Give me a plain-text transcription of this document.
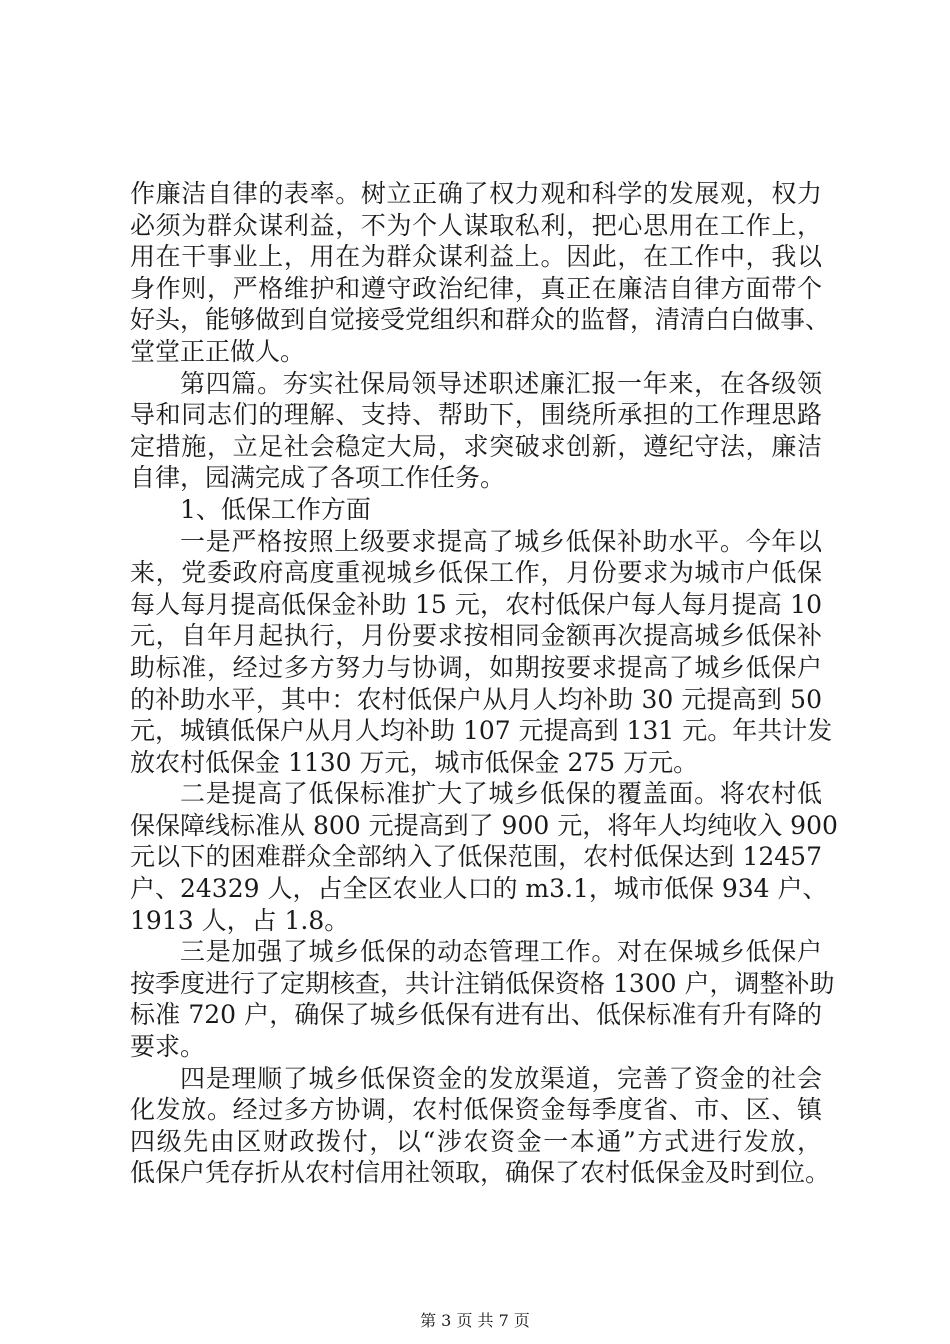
作廉洁自律的表率。树立正确了权力观和科学的发展观，权力
必须为群众谋利益，不为个人谋取私利，把心思用在工作上，
用在干事业上，用在为群众谋利益上。因此，在工作中，我以
身作则，严格维护和遵守政治纪律，真正在廉洁自律方面带个
好头，能够做到自觉接受党组织和群众的监督，清清白白做事、
堂堂正正做人。
第四篇。夯实社保局领导述职述廉汇报一年来，在各级领
导和同志们的理解、支持、帮助下，围绕所承担的工作理思路
定措施，立足社会稳定大局，求突破求创新，遵纪守法，廉洁
自律，园满完成了各项工作任务。
1、低保工作方面
一是严格按照上级要求提高了城乡低保补助水平。今年以
来，党委政府高度重视城乡低保工作，月份要求为城市户低保
每人每月提高低保金补助 15 元，农村低保户每人每月提高 10
元，自年月起执行，月份要求按相同金额再次提高城乡低保补
助标准，经过多方努力与协调，如期按要求提高了城乡低保户
的补助水平，其中：农村低保户从月人均补助 30 元提高到 50
元，城镇低保户从月人均补助 107 元提高到 131 元。年共计发
放农村低保金 1130 万元，城市低保金 275 万元。
二是提高了低保标准扩大了城乡低保的覆盖面。将农村低
保保障线标准从 800 元提高到了 900 元，将年人均纯收入 900
元以下的困难群众全部纳入了低保范围，农村低保达到 12457
户、24329 人，占全区农业人口的 m3.1，城市低保 934 户、
1913 人，占 1.8。
三是加强了城乡低保的动态管理工作。对在保城乡低保户
按季度进行了定期核查，共计注销低保资格 1300 户，调整补助
标准 720 户，确保了城乡低保有进有出、低保标准有升有降的
要求。
四是理顺了城乡低保资金的发放渠道，完善了资金的社会
化发放。经过多方协调，农村低保资金每季度省、市、区、镇
四级先由区财政拨付，以“涉农资金一本通”方式进行发放，
低保户凭存折从农村信用社领取，确保了农村低保金及时到位。
第 3 页 共 7 页
